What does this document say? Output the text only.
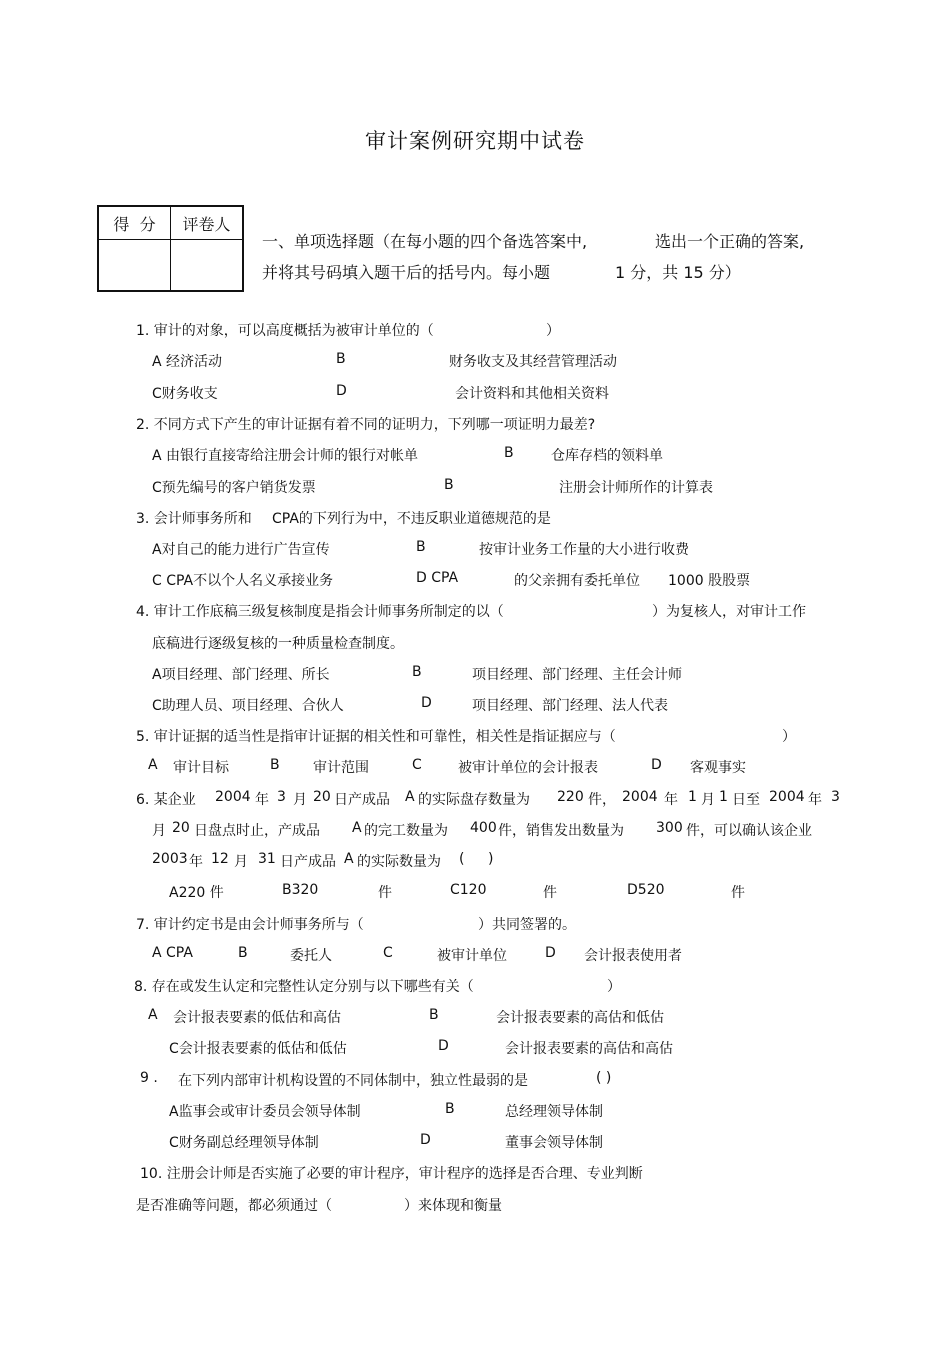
审计案例研究期中试卷
得  分	评卷人

一、单项选择题（在每小题的四个备选答案中,	选出一个正确的答案,
并将其号码填入题干后的括号内。每小题	1 分，共 15 分）
1. 审计的对象，可以高度概括为被审计单位的（	）
A 经济活动	B	财务收支及其经营管理活动
C财务收支	D	会计资料和其他相关资料
2. 不同方式下产生的审计证据有着不同的证明力，下列哪一项证明力最差?
A 由银行直接寄给注册会计师的银行对帐单	B	仓库存档的领料单
C预先编号的客户销货发票	B	注册会计师所作的计算表
3. 会计师事务所和 CPA的下列行为中，不违反职业道德规范的是
A对自己的能力进行广告宣传	B	按审计业务工作量的大小进行收费
C CPA不以个人名义承接业务	D CPA	的父亲拥有委托单位 1000 股股票
4. 审计工作底稿三级复核制度是指会计师事务所制定的以（	）为复核人，对审计工作
底稿进行逐级复核的一种质量检查制度。
A项目经理、部门经理、所长	B	项目经理、部门经理、主任会计师
C助理人员、项目经理、合伙人	D	项目经理、部门经理、法人代表
5. 审计证据的适当性是指审计证据的相关性和可靠性，相关性是指证据应与（	）
A 审计目标	B 审计范围	C	被审计单位的会计报表	D 客观事实
6. 某企业 2004 年 3 月 20 日产成品 A 的实际盘存数量为 220 件， 2004 年 1 月 1 日至 2004 年 3
月 20 日盘点时止，产成品 A 的完工数量为 400 件，销售发出数量为 300 件，可以确认该企业
2003 年 12 月 31 日产成品 A 的实际数量为 ( )
A220 件	B320	件	C120	件	D520	件
7. 审计约定书是由会计师事务所与（	）共同签署的。
A CPA	B	委托人	C	被审计单位	D 会计报表使用者
8. 存在或发生认定和完整性认定分别与以下哪些有关（	）
A 会计报表要素的低估和高估	B	会计报表要素的高估和低估
C会计报表要素的低估和低估	D	会计报表要素的高估和高估
9 . 在下列内部审计机构设置的不同体制中，独立性最弱的是	( )
A监事会或审计委员会领导体制	B	总经理领导体制
C财务副总经理领导体制	D	董事会领导体制
10. 注册会计师是否实施了必要的审计程序，审计程序的选择是否合理、专业判断
是否准确等问题，都必须通过（	）来体现和衡量
